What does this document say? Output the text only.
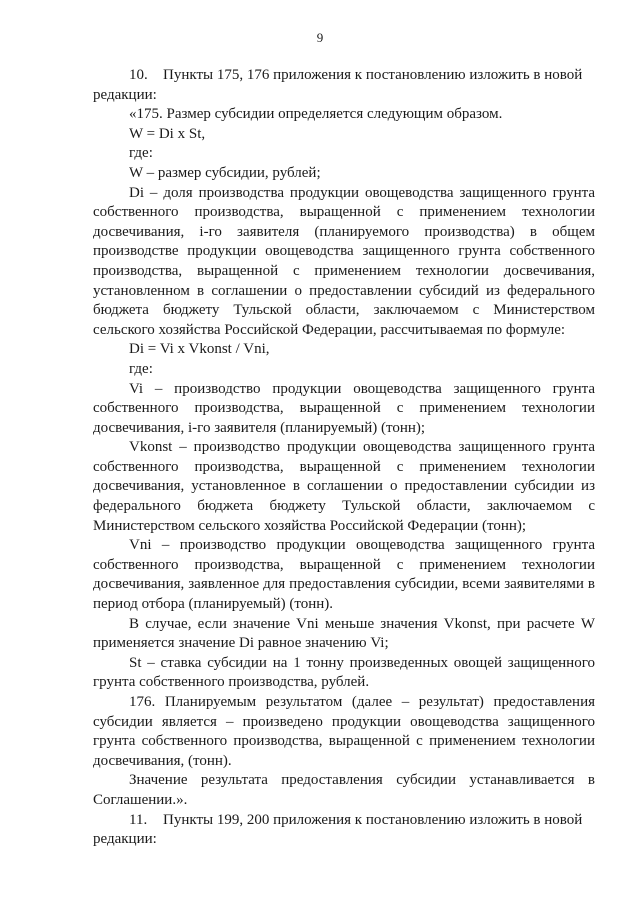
9

10. Пункты 175, 176 приложения к постановлению изложить в новой редакции:

«175. Размер субсидии определяется следующим образом.

W = Di x St,

где:

W – размер субсидии, рублей;

Di – доля производства продукции овощеводства защищенного грунта собственного производства, выращенной с применением технологии досвечивания, i-го заявителя (планируемого производства) в общем производстве продукции овощеводства защищенного грунта собственного производства, выращенной с применением технологии досвечивания, установленном в соглашении о предоставлении субсидий из федерального бюджета бюджету Тульской области, заключаемом с Министерством сельского хозяйства Российской Федерации, рассчитываемая по формуле:

Di = Vi x Vkonst / Vni,

где:

Vi – производство продукции овощеводства защищенного грунта собственного производства, выращенной с применением технологии досвечивания, i-го заявителя (планируемый) (тонн);

Vkonst – производство продукции овощеводства защищенного грунта собственного производства, выращенной с применением технологии досвечивания, установленное в соглашении о предоставлении субсидии из федерального бюджета бюджету Тульской области, заключаемом с Министерством сельского хозяйства Российской Федерации (тонн);

Vni – производство продукции овощеводства защищенного грунта собственного производства, выращенной с применением технологии досвечивания, заявленное для предоставления субсидии, всеми заявителями в период отбора (планируемый) (тонн).

В случае, если значение Vni меньше значения Vkonst, при расчете W применяется значение Di равное значению Vi;

St – ставка субсидии на 1 тонну произведенных овощей защищенного грунта собственного производства, рублей.

176. Планируемым результатом (далее – результат) предоставления субсидии является – произведено продукции овощеводства защищенного грунта собственного производства, выращенной с применением технологии досвечивания, (тонн).

Значение результата предоставления субсидии устанавливается в Соглашении.».

11. Пункты 199, 200 приложения к постановлению изложить в новой редакции:
